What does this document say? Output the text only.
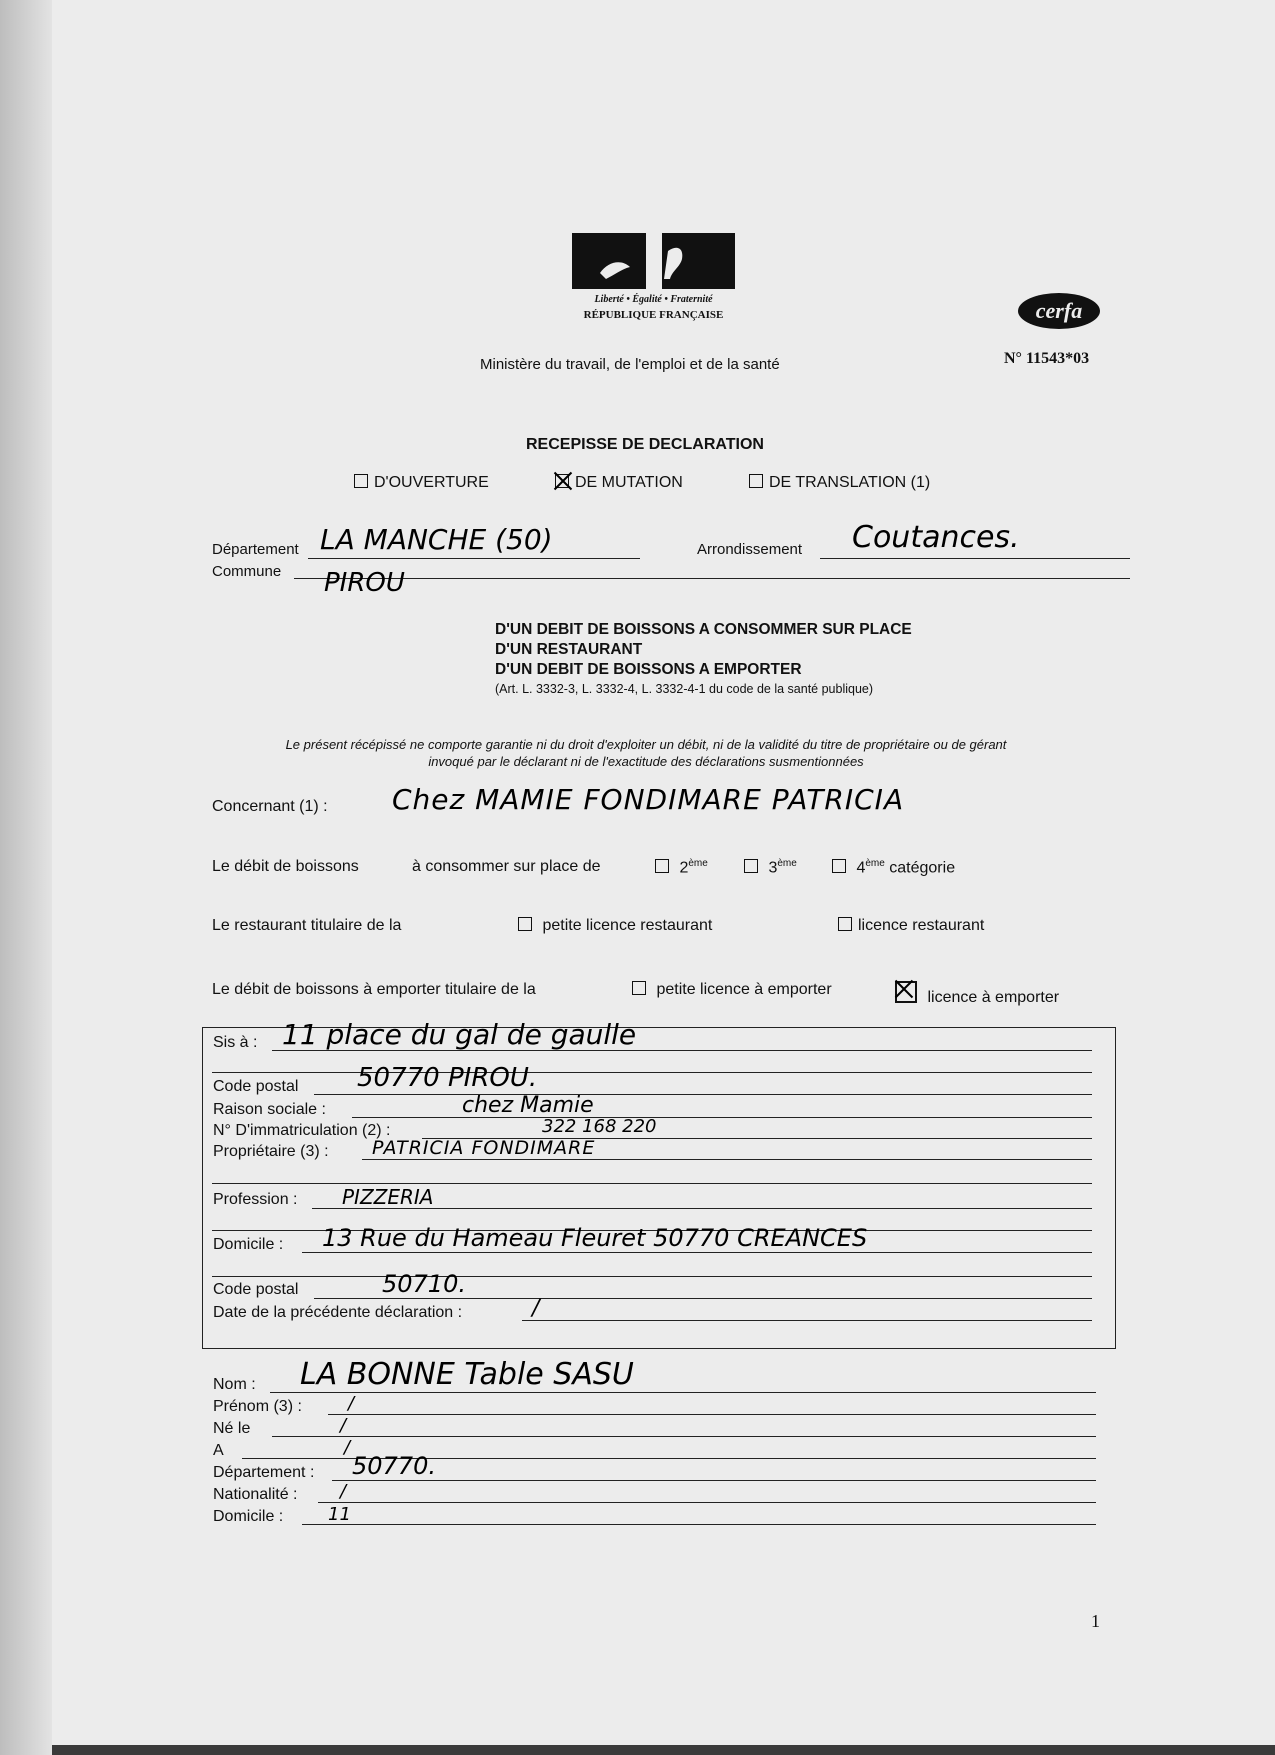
Liberté • Égalité • Fraternité
RÉPUBLIQUE FRANÇAISE	cerfa
N° 11543*03
Ministère du travail, de l'emploi et de la santé
RECEPISSE DE DECLARATION
D'OUVERTURE	DE MUTATION	DE TRANSLATION (1)
Département LA MANCHE (50)	Arrondissement Coutances.
Commune PIROU
D'UN DEBIT DE BOISSONS A CONSOMMER SUR PLACE
D'UN RESTAURANT
D'UN DEBIT DE BOISSONS A EMPORTER
(Art. L. 3332-3, L. 3332-4, L. 3332-4-1 du code de la santé publique)
Le présent récépissé ne comporte garantie ni du droit d'exploiter un débit, ni de la validité du titre de propriétaire ou de gérant
invoqué par le déclarant ni de l'exactitude des déclarations susmentionnées
Concernant (1) : Chez MAMIE FONDIMARE PATRICIA
Le débit de boissons	à consommer sur place de	2ème	3ème	4ème catégorie
Le restaurant titulaire de la	petite licence restaurant	licence restaurant
Le débit de boissons à emporter titulaire de la	petite licence à emporter	licence à emporter
Sis à : 11 place du gal de gaulle
Code postal 50770 PIROU.
Raison sociale :	chez Mamie
N° D'immatriculation (2) :	322 168 220
Propriétaire (3) : PATRICIA FONDIMARE
Profession : PIZZERIA
Domicile : 13 Rue du Hameau Fleuret 50770 CREANCES
Code postal	50710.
Date de la précédente déclaration :	/
Nom : LA BONNE Table SASU
Prénom (3) :	/
Né le	/
A	/
Département : 50770.
Nationalité : /
Domicile : 11
1
